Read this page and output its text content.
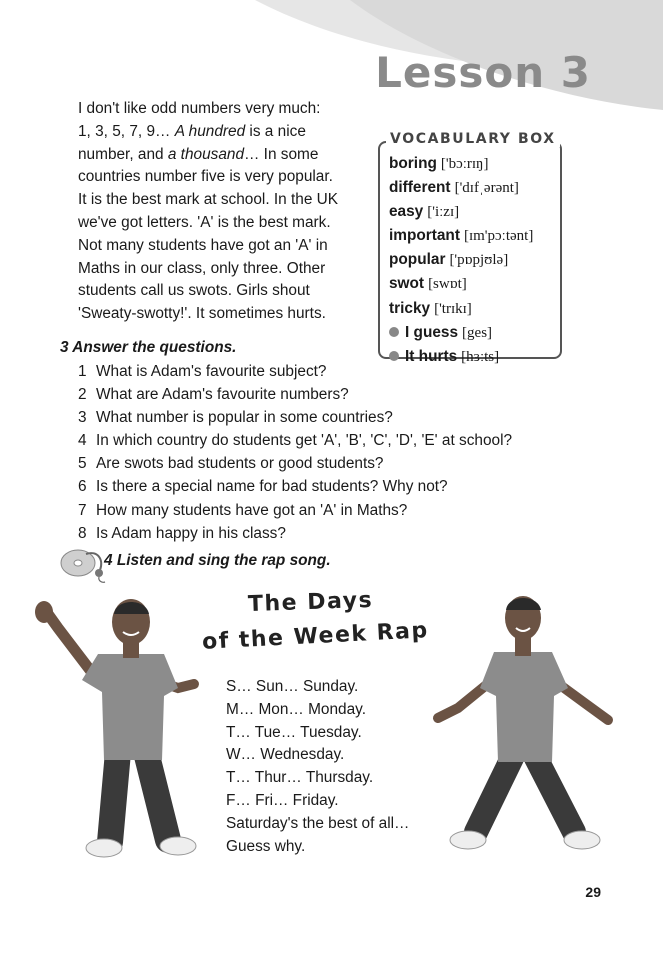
Lesson 3
I don't like odd numbers very much:
1, 3, 5, 7, 9… A hundred is a nice
number, and a thousand… In some
countries number five is very popular.
It is the best mark at school. In the UK
we've got letters. 'A' is the best mark.
Not many students have got an 'A' in
Maths in our class, only three. Other
students call us swots. Girls shout
'Sweaty-swotty!'. It sometimes hurts.
VOCABULARY BOX
boring ['bɔːrɪŋ]
different ['dɪfˌərənt]
easy ['iːzɪ]
important [ɪm'pɔːtənt]
popular ['pɒpjʊlə]
swot [swɒt]
tricky ['trɪkɪ]
I guess [ges]
It hurts [hɜːts]
3 Answer the questions.
1 What is Adam's favourite subject?
2 What are Adam's favourite numbers?
3 What number is popular in some countries?
4 In which country do students get 'A', 'B', 'C', 'D', 'E' at school?
5 Are swots bad students or good students?
6 Is there a special name for bad students? Why not?
7 How many students have got an 'A' in Maths?
8 Is Adam happy in his class?
4 Listen and sing the rap song.
The Days
of the Week Rap
S… Sun… Sunday.
M… Mon… Monday.
T… Tue… Tuesday.
W… Wednesday.
T… Thur… Thursday.
F… Fri… Friday.
Saturday's the best of all…
Guess why.
29
